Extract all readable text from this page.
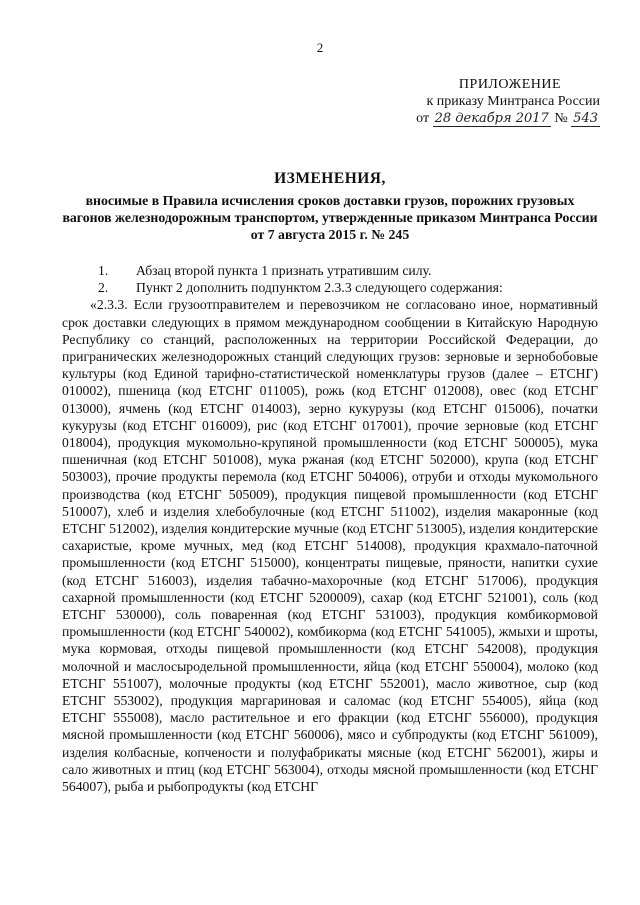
2
ПРИЛОЖЕНИЕ
к приказу Минтранса России
от 28 декабря 2017 № 543
ИЗМЕНЕНИЯ,
вносимые в Правила исчисления сроков доставки грузов, порожних грузовых вагонов железнодорожным транспортом, утвержденные приказом Минтранса России от 7 августа 2015 г. № 245

1. Абзац второй пункта 1 признать утратившим силу.

2. Пункт 2 дополнить подпунктом 2.3.3 следующего содержания:

«2.3.3. Если грузоотправителем и перевозчиком не согласовано иное, нормативный срок доставки следующих в прямом международном сообщении в Китайскую Народную Республику со станций, расположенных на территории Российской Федерации, до пригранических железнодорожных станций следующих грузов: зерновые и зернобобовые культуры (код Единой тарифно-статистической номенклатуры грузов (далее – ЕТСНГ) 010002), пшеница (код ЕТСНГ 011005), рожь (код ЕТСНГ 012008), овес (код ЕТСНГ 013000), ячмень (код ЕТСНГ 014003), зерно кукурузы (код ЕТСНГ 015006), початки кукурузы (код ЕТСНГ 016009), рис (код ЕТСНГ 017001), прочие зерновые (код ЕТСНГ 018004), продукция мукомольно-крупяной промышленности (код ЕТСНГ 500005), мука пшеничная (код ЕТСНГ 501008), мука ржаная (код ЕТСНГ 502000), крупа (код ЕТСНГ 503003), прочие продукты перемола (код ЕТСНГ 504006), отруби и отходы мукомольного производства (код ЕТСНГ 505009), продукция пищевой промышленности (код ЕТСНГ 510007), хлеб и изделия хлебобулочные (код ЕТСНГ 511002), изделия макаронные (код ЕТСНГ 512002), изделия кондитерские мучные (код ЕТСНГ 513005), изделия кондитерские сахаристые, кроме мучных, мед (код ЕТСНГ 514008), продукция крахмало-паточной промышленности (код ЕТСНГ 515000), концентраты пищевые, пряности, напитки сухие (код ЕТСНГ 516003), изделия табачно-махорочные (код ЕТСНГ 517006), продукция сахарной промышленности (код ЕТСНГ 5200009), сахар (код ЕТСНГ 521001), соль (код ЕТСНГ 530000), соль поваренная (код ЕТСНГ 531003), продукция комбикормовой промышленности (код ЕТСНГ 540002), комбикорма (код ЕТСНГ 541005), жмыхи и шроты, мука кормовая, отходы пищевой промышленности (код ЕТСНГ 542008), продукция молочной и маслосыродельной промышленности, яйца (код ЕТСНГ 550004), молоко (код ЕТСНГ 551007), молочные продукты (код ЕТСНГ 552001), масло животное, сыр (код ЕТСНГ 553002), продукция маргариновая и саломас (код ЕТСНГ 554005), яйца (код ЕТСНГ 555008), масло растительное и его фракции (код ЕТСНГ 556000), продукция мясной промышленности (код ЕТСНГ 560006), мясо и субпродукты (код ЕТСНГ 561009), изделия колбасные, копчености и полуфабрикаты мясные (код ЕТСНГ 562001), жиры и сало животных и птиц (код ЕТСНГ 563004), отходы мясной промышленности (код ЕТСНГ 564007), рыба и рыбопродукты (код ЕТСНГ
